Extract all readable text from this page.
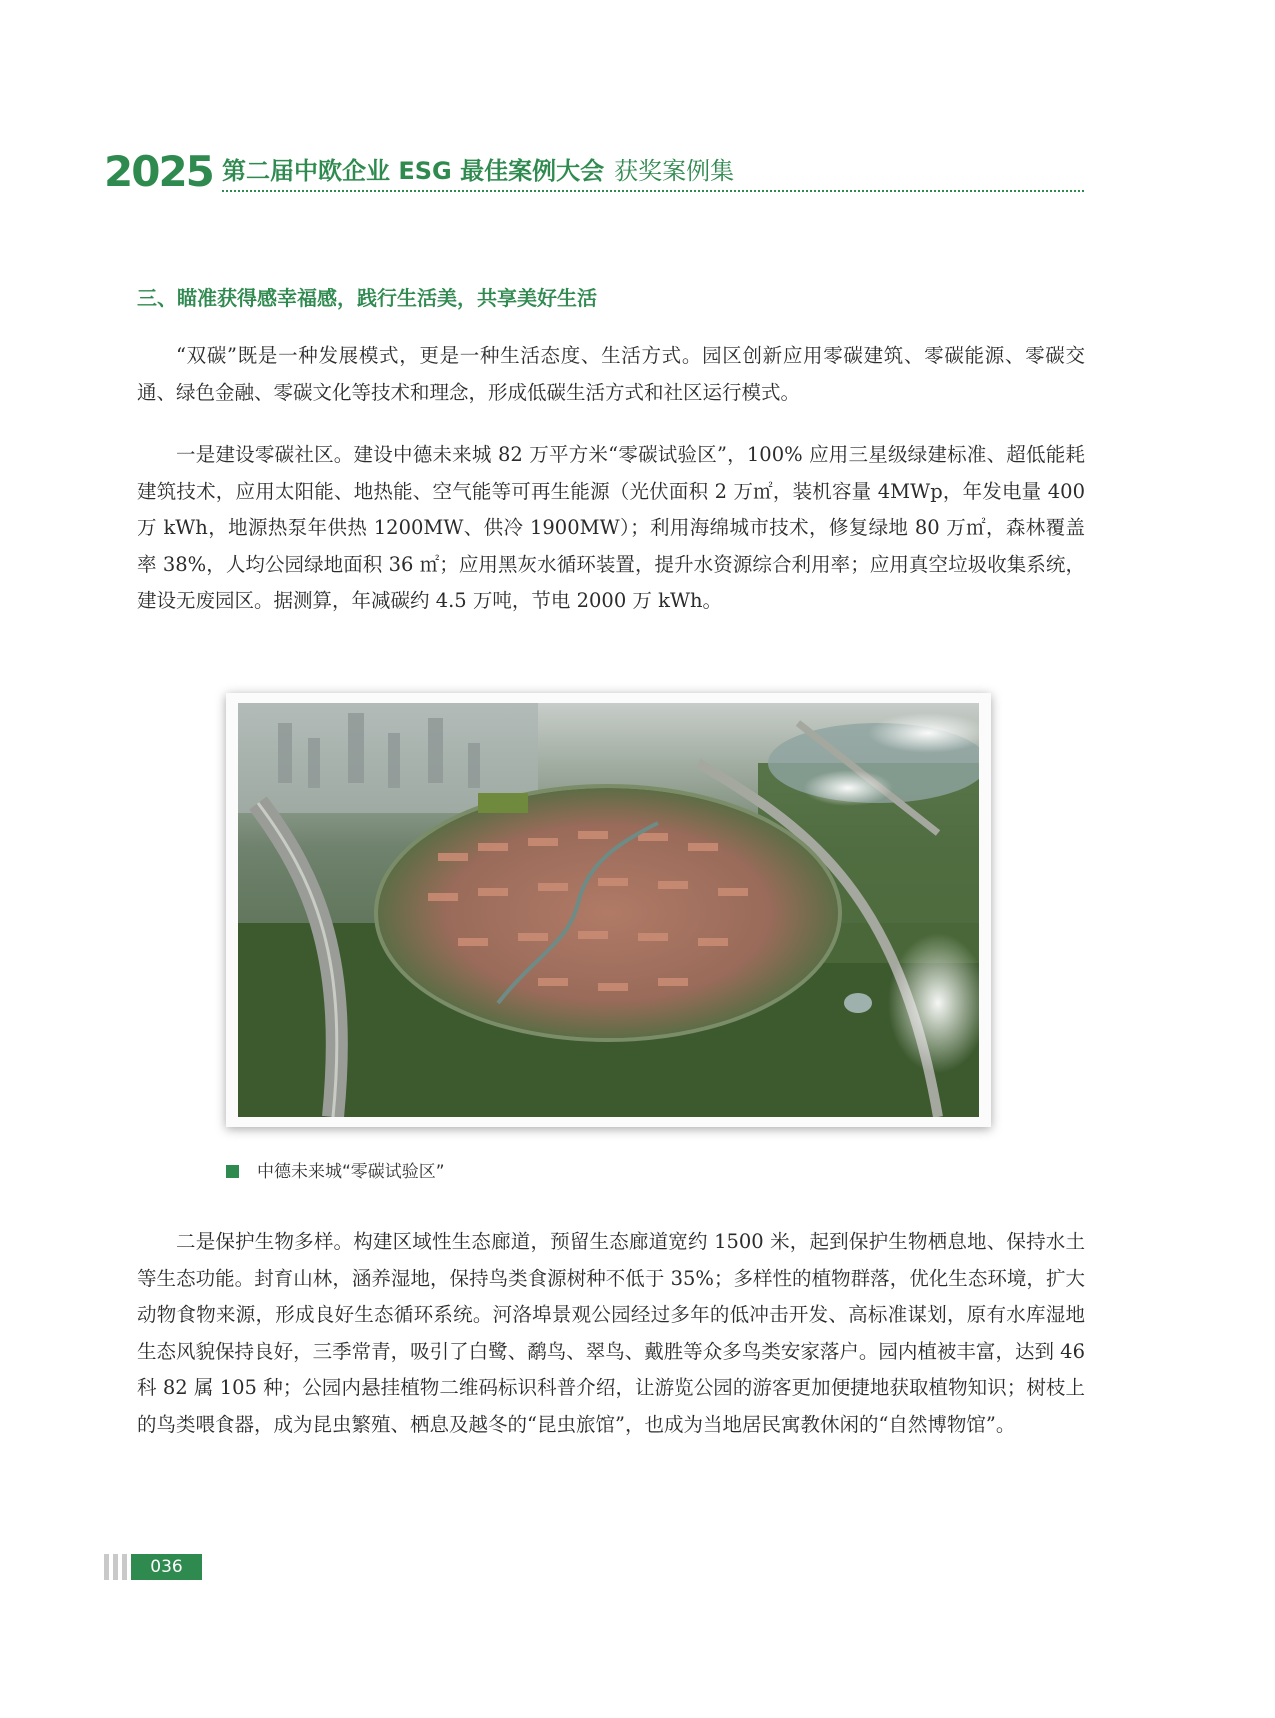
2025 第二届中欧企业 ESG 最佳案例大会 获奖案例集
三、瞄准获得感幸福感，践行生活美，共享美好生活

“双碳”既是一种发展模式，更是一种生活态度、生活方式。园区创新应用零碳建筑、零碳能源、零碳交通、绿色金融、零碳文化等技术和理念，形成低碳生活方式和社区运行模式。

一是建设零碳社区。建设中德未来城 82 万平方米“零碳试验区”，100% 应用三星级绿建标准、超低能耗建筑技术，应用太阳能、地热能、空气能等可再生能源（光伏面积 2 万㎡，装机容量 4MWp，年发电量 400 万 kWh，地源热泵年供热 1200MW、供冷 1900MW）；利用海绵城市技术，修复绿地 80 万㎡，森林覆盖率 38%，人均公园绿地面积 36 ㎡；应用黑灰水循环装置，提升水资源综合利用率；应用真空垃圾收集系统，建设无废园区。据测算，年减碳约 4.5 万吨，节电 2000 万 kWh。

中德未来城“零碳试验区”

二是保护生物多样。构建区域性生态廊道，预留生态廊道宽约 1500 米，起到保护生物栖息地、保持水土等生态功能。封育山林，涵养湿地，保持鸟类食源树种不低于 35%；多样性的植物群落，优化生态环境，扩大动物食物来源，形成良好生态循环系统。河洛埠景观公园经过多年的低冲击开发、高标准谋划，原有水库湿地生态风貌保持良好，三季常青，吸引了白鹭、鹬鸟、翠鸟、戴胜等众多鸟类安家落户。园内植被丰富，达到 46 科 82 属 105 种；公园内悬挂植物二维码标识科普介绍，让游览公园的游客更加便捷地获取植物知识；树枝上的鸟类喂食器，成为昆虫繁殖、栖息及越冬的“昆虫旅馆”，也成为当地居民寓教休闲的“自然博物馆”。

036
